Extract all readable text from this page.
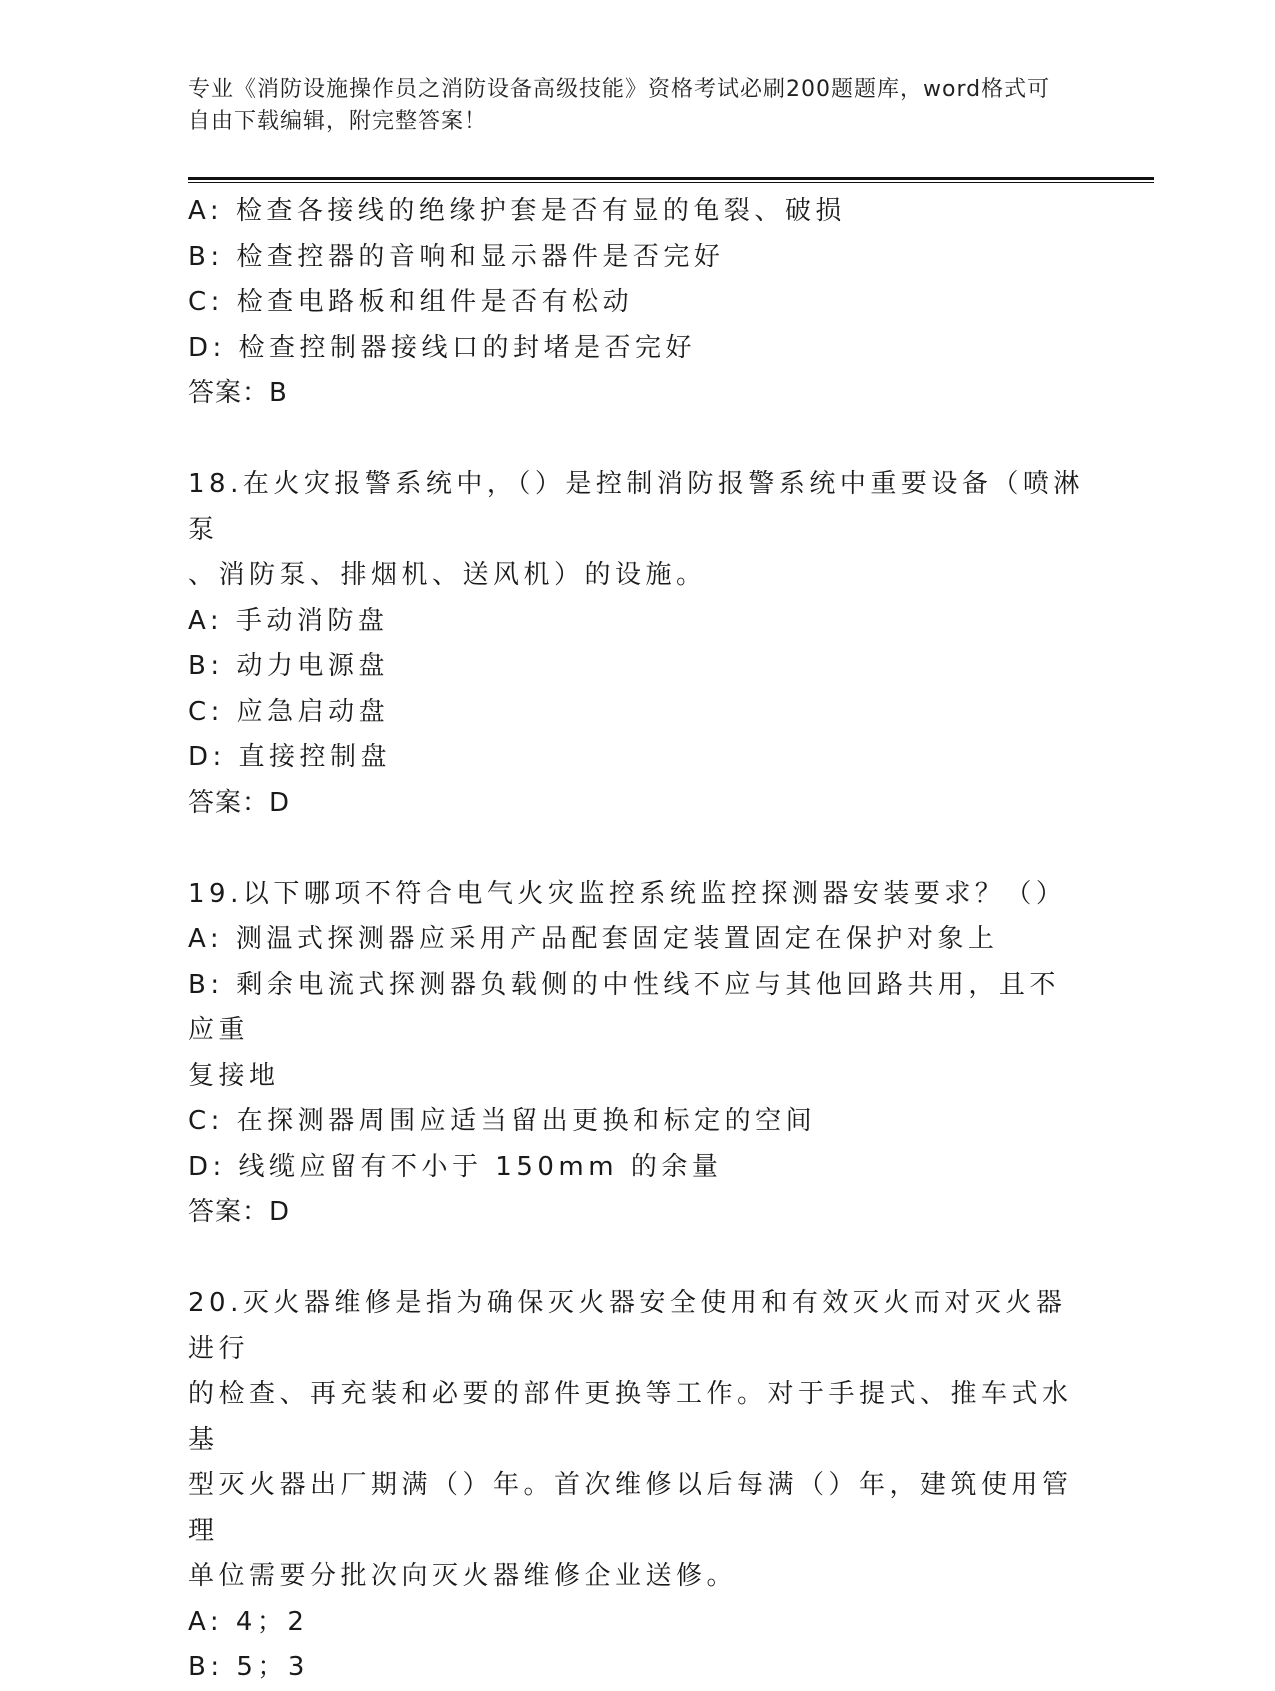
专业《消防设施操作员之消防设备高级技能》资格考试必刷200题题库，word格式可自由下载编辑，附完整答案！
A: 检查各接线的绝缘护套是否有显的龟裂、破损
B: 检查控器的音响和显示器件是否完好
C: 检查电路板和组件是否有松动
D: 检查控制器接线口的封堵是否完好
答案：B
18.在火灾报警系统中，（）是控制消防报警系统中重要设备（喷淋泵
、消防泵、排烟机、送风机）的设施。
A: 手动消防盘
B: 动力电源盘
C: 应急启动盘
D: 直接控制盘
答案：D
19.以下哪项不符合电气火灾监控系统监控探测器安装要求？（）
A: 测温式探测器应采用产品配套固定装置固定在保护对象上
B: 剩余电流式探测器负载侧的中性线不应与其他回路共用，且不应重
复接地
C: 在探测器周围应适当留出更换和标定的空间
D: 线缆应留有不小于 150mm 的余量
答案：D
20.灭火器维修是指为确保灭火器安全使用和有效灭火而对灭火器进行
的检查、再充装和必要的部件更换等工作。对于手提式、推车式水基
型灭火器出厂期满（）年。首次维修以后每满（）年，建筑使用管理
单位需要分批次向灭火器维修企业送修。
A: 4；2
B: 5；3
